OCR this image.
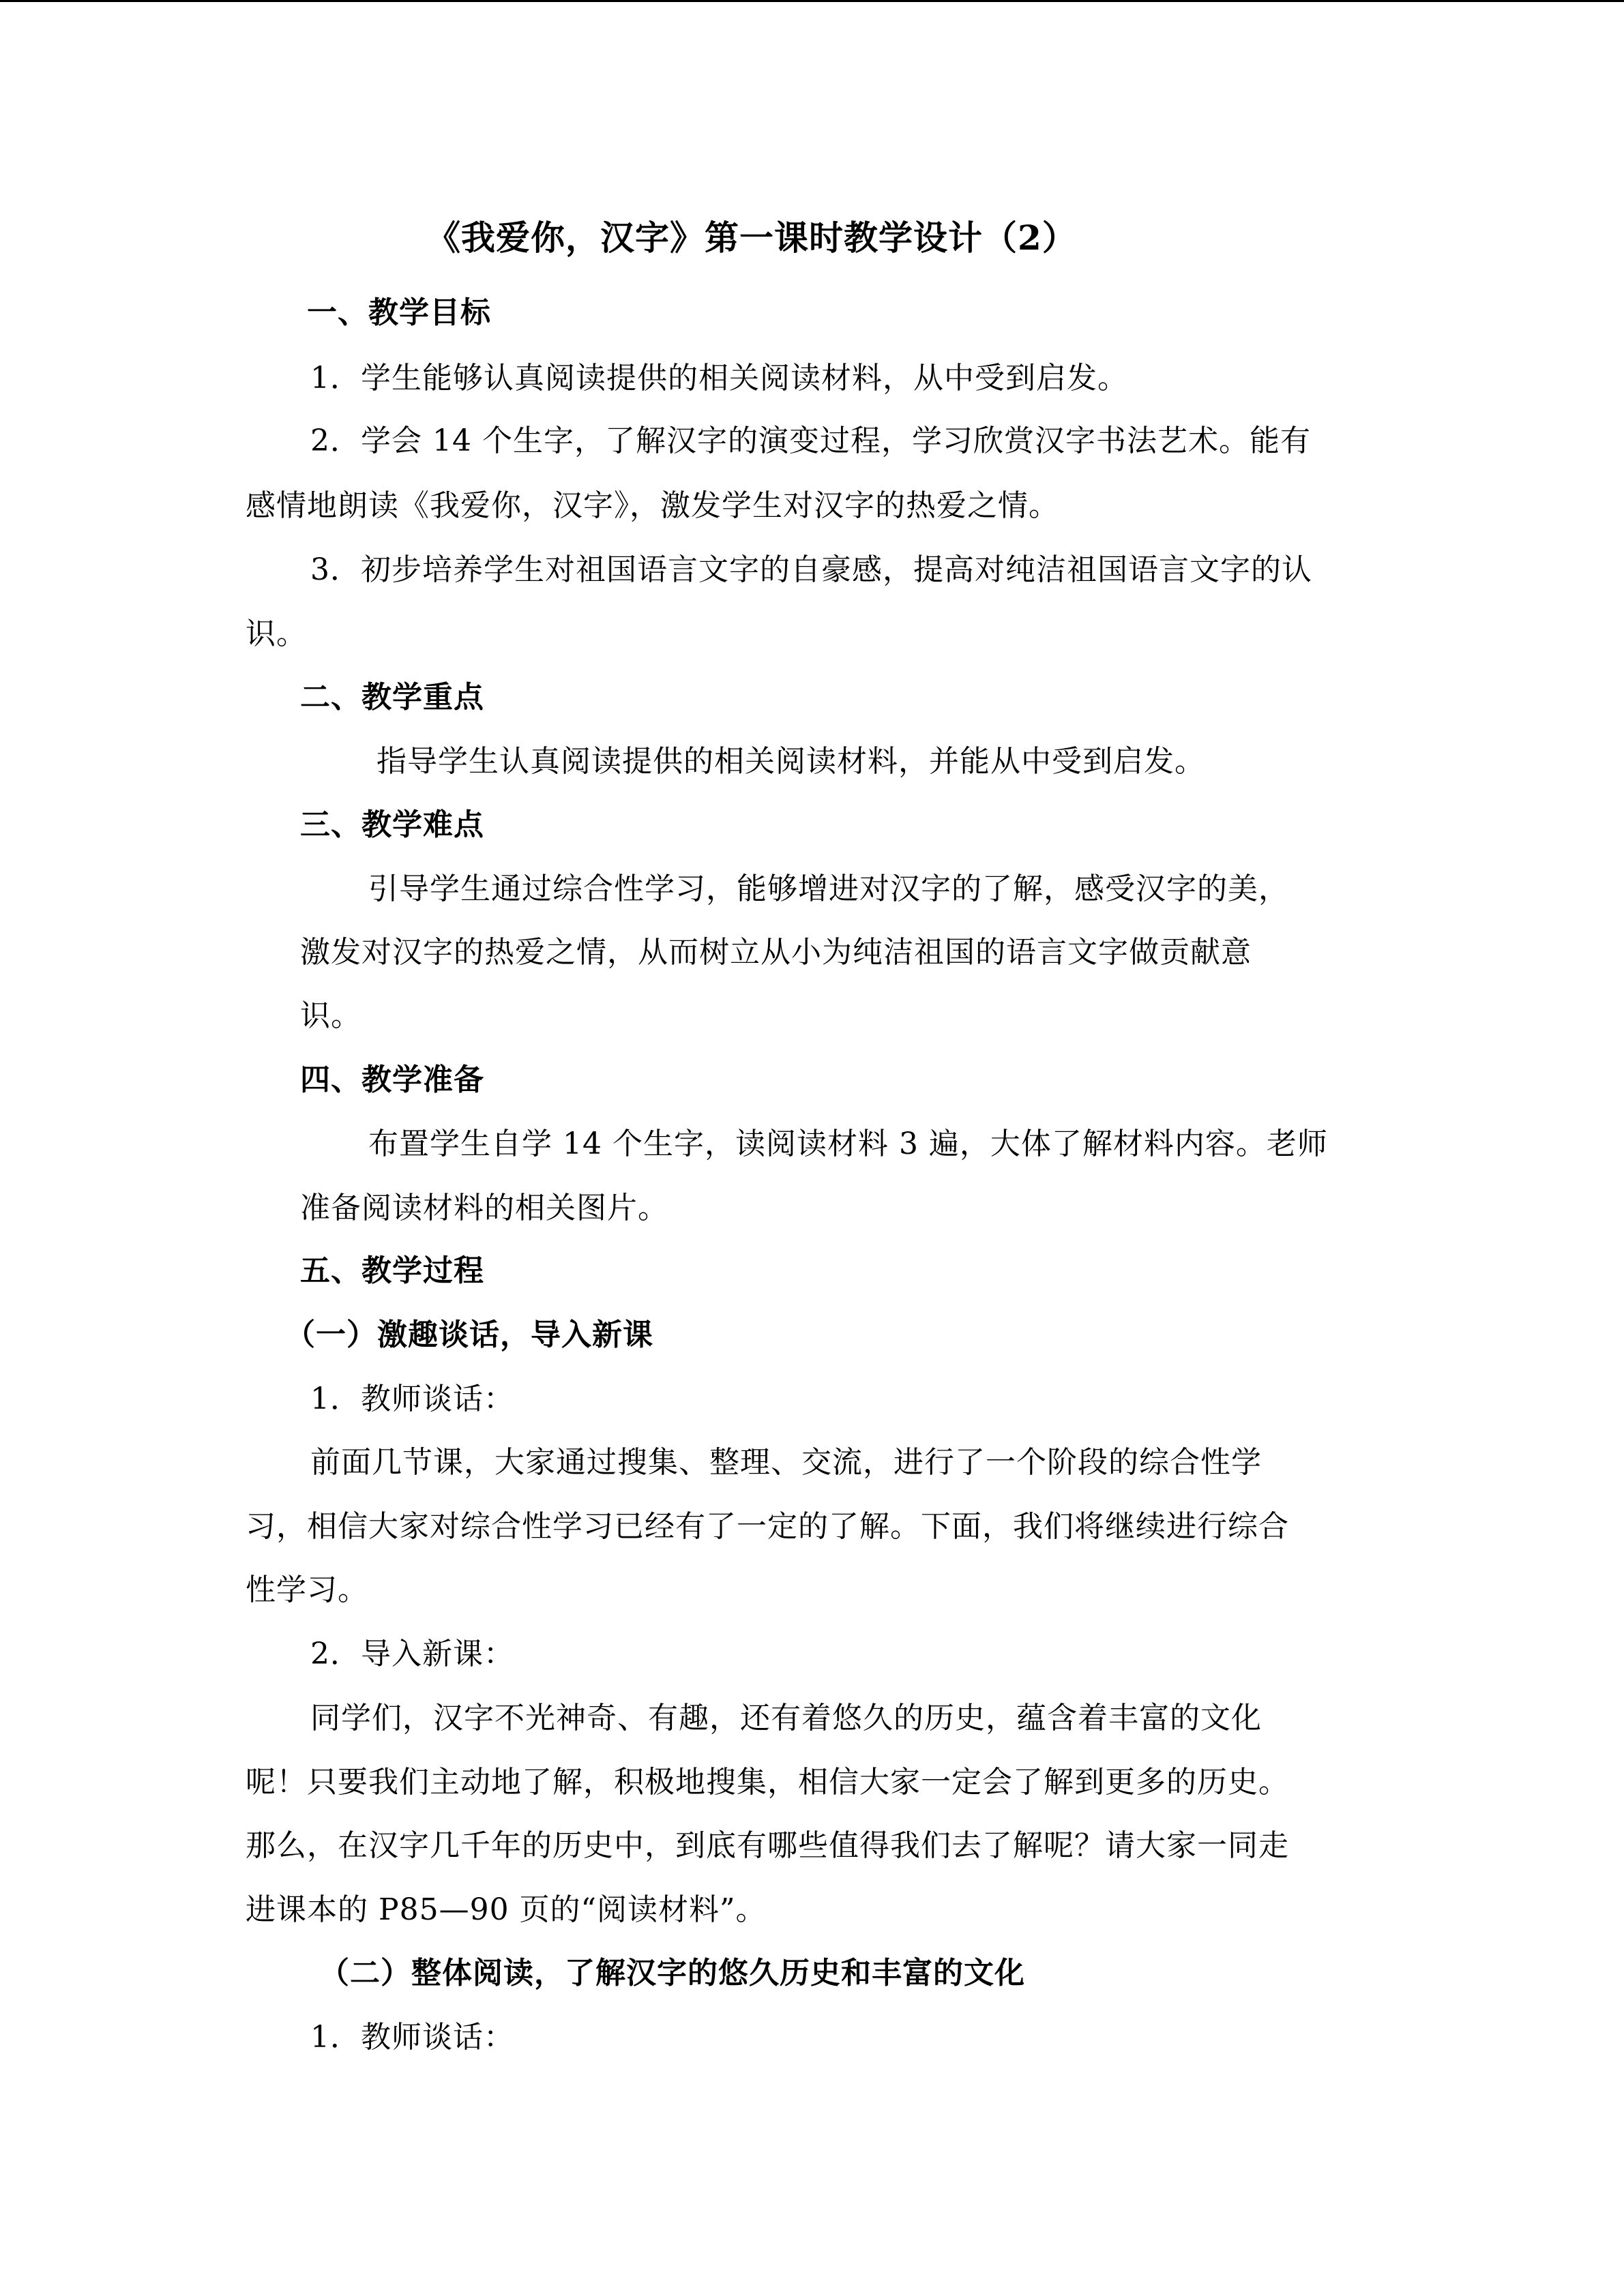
《我爱你，汉字》第一课时教学设计（2）
一、教学目标
1．学生能够认真阅读提供的相关阅读材料，从中受到启发。
2．学会 14 个生字，了解汉字的演变过程，学习欣赏汉字书法艺术。能有
感情地朗读《我爱你，汉字》，激发学生对汉字的热爱之情。
3．初步培养学生对祖国语言文字的自豪感，提高对纯洁祖国语言文字的认
识。
二、教学重点
指导学生认真阅读提供的相关阅读材料，并能从中受到启发。
三、教学难点
引导学生通过综合性学习，能够增进对汉字的了解，感受汉字的美，
激发对汉字的热爱之情，从而树立从小为纯洁祖国的语言文字做贡献意
识。
四、教学准备
布置学生自学 14 个生字，读阅读材料 3 遍，大体了解材料内容。老师
准备阅读材料的相关图片。
五、教学过程
（一）激趣谈话，导入新课
1．教师谈话：
前面几节课，大家通过搜集、整理、交流，进行了一个阶段的综合性学
习，相信大家对综合性学习已经有了一定的了解。下面，我们将继续进行综合
性学习。
2．导入新课：
同学们，汉字不光神奇、有趣，还有着悠久的历史，蕴含着丰富的文化
呢！只要我们主动地了解，积极地搜集，相信大家一定会了解到更多的历史。
那么，在汉字几千年的历史中，到底有哪些值得我们去了解呢？请大家一同走
进课本的 P85—90 页的“阅读材料”。
（二）整体阅读，了解汉字的悠久历史和丰富的文化
1．教师谈话：
